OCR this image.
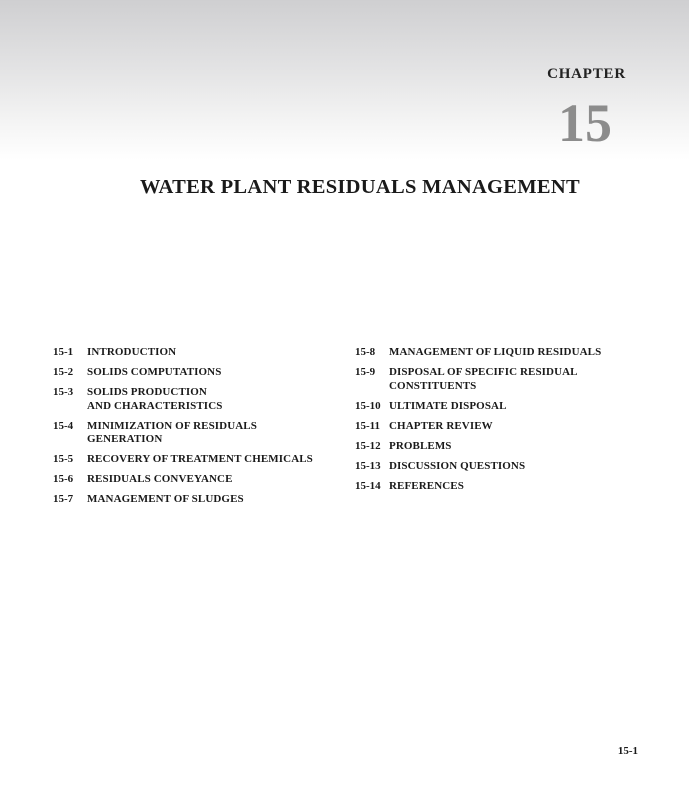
CHAPTER
15
WATER PLANT RESIDUALS MANAGEMENT
15-1	INTRODUCTION
15-2	SOLIDS COMPUTATIONS
15-3	SOLIDS PRODUCTION
AND CHARACTERISTICS
15-4	MINIMIZATION OF RESIDUALS
GENERATION
15-5	RECOVERY OF TREATMENT CHEMICALS
15-6	RESIDUALS CONVEYANCE
15-7	MANAGEMENT OF SLUDGES
15-8	MANAGEMENT OF LIQUID RESIDUALS
15-9	DISPOSAL OF SPECIFIC RESIDUAL
CONSTITUENTS
15-10 ULTIMATE DISPOSAL
15-11 CHAPTER REVIEW
15-12 PROBLEMS
15-13 DISCUSSION QUESTIONS
15-14 REFERENCES
15-1
